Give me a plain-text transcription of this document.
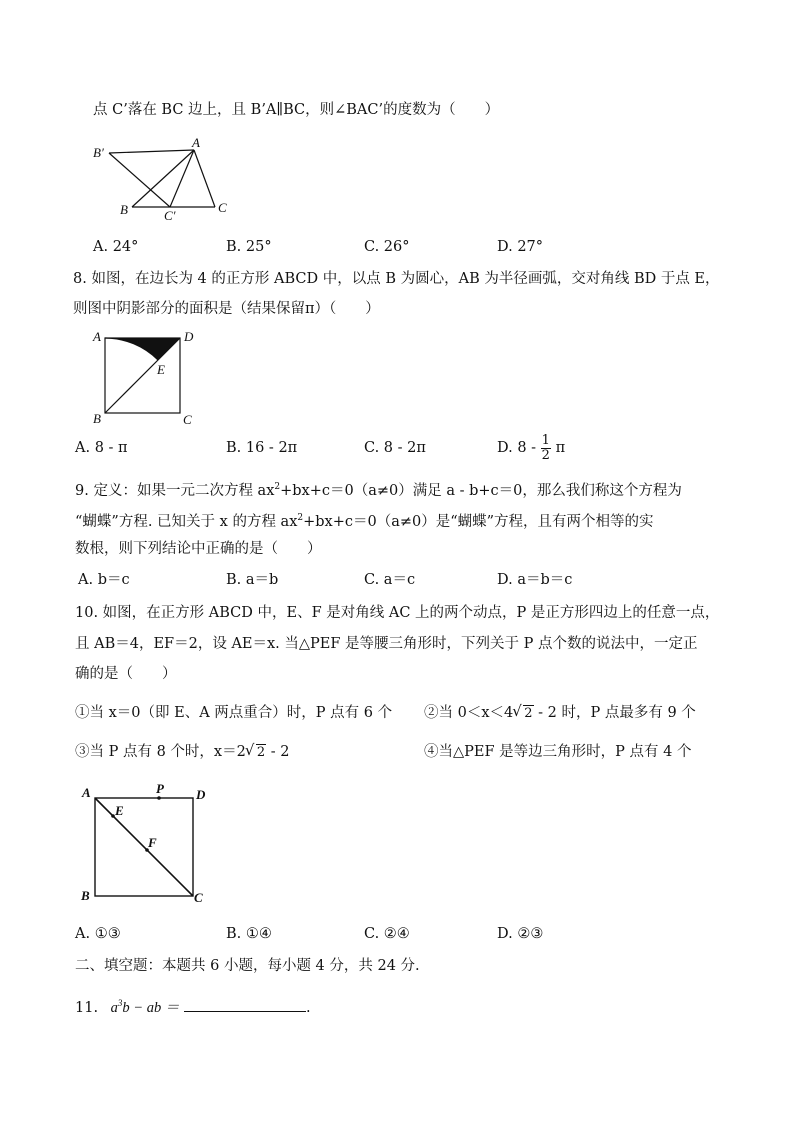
点 C’落在 BC 边上，且 B’A∥BC，则∠BAC’的度数为（　　）
B′
A
B	C′
C
A. 24°	B. 25°	C. 26°	D. 27°
8. 如图，在边长为 4 的正方形 ABCD 中，以点 B 为圆心，AB 为半径画弧，交对角线 BD 于点 E，
则图中阴影部分的面积是（结果保留π）（　　）
A	D
E
B	C
A. 8 - π	B. 16 - 2π	C. 8 - 2π	D. $8 - \frac{1}{2}$ π
9. 定义：如果一元二次方程 $ax^2+bx+c=0(a\ne 0)$满足 a - b+c＝0，那么我们称这个方程为
“蝴蝶”方程. 已知关于 x 的方程 $ax^2+bx+c=0(a\ne 0)$是“蝴蝶”方程，且有两个相等的实
数根，则下列结论中正确的是（　　）
A. b＝c	B. a＝b	C. a＝c	D. a＝b＝c
10. 如图，在正方形 ABCD 中，E、F 是对角线 AC 上的两个动点，P 是正方形四边上的任意一点，
且 AB＝4，EF＝2，设 AE＝x. 当△PEF 是等腰三角形时，下列关于 P 点个数的说法中，一定正
确的是（　　）
①当 x＝0（即 E、A 两点重合）时，P 点有 6 个 ②当 0＜x＜4 √ 2 - 2 时，P 点最多有 9 个
③当 P 点有 8 个时，x＝2 √ 2 - 2	④当△PEF 是等边三角形时，P 点有 4 个
A	P D
E
F
B	C
A. ①③	B. ①④	C. ②④	D. ②③
二、填空题：本题共 6 小题，每小题 4 分，共 24 分.
11. $a^3b$ − ab ＝	.
